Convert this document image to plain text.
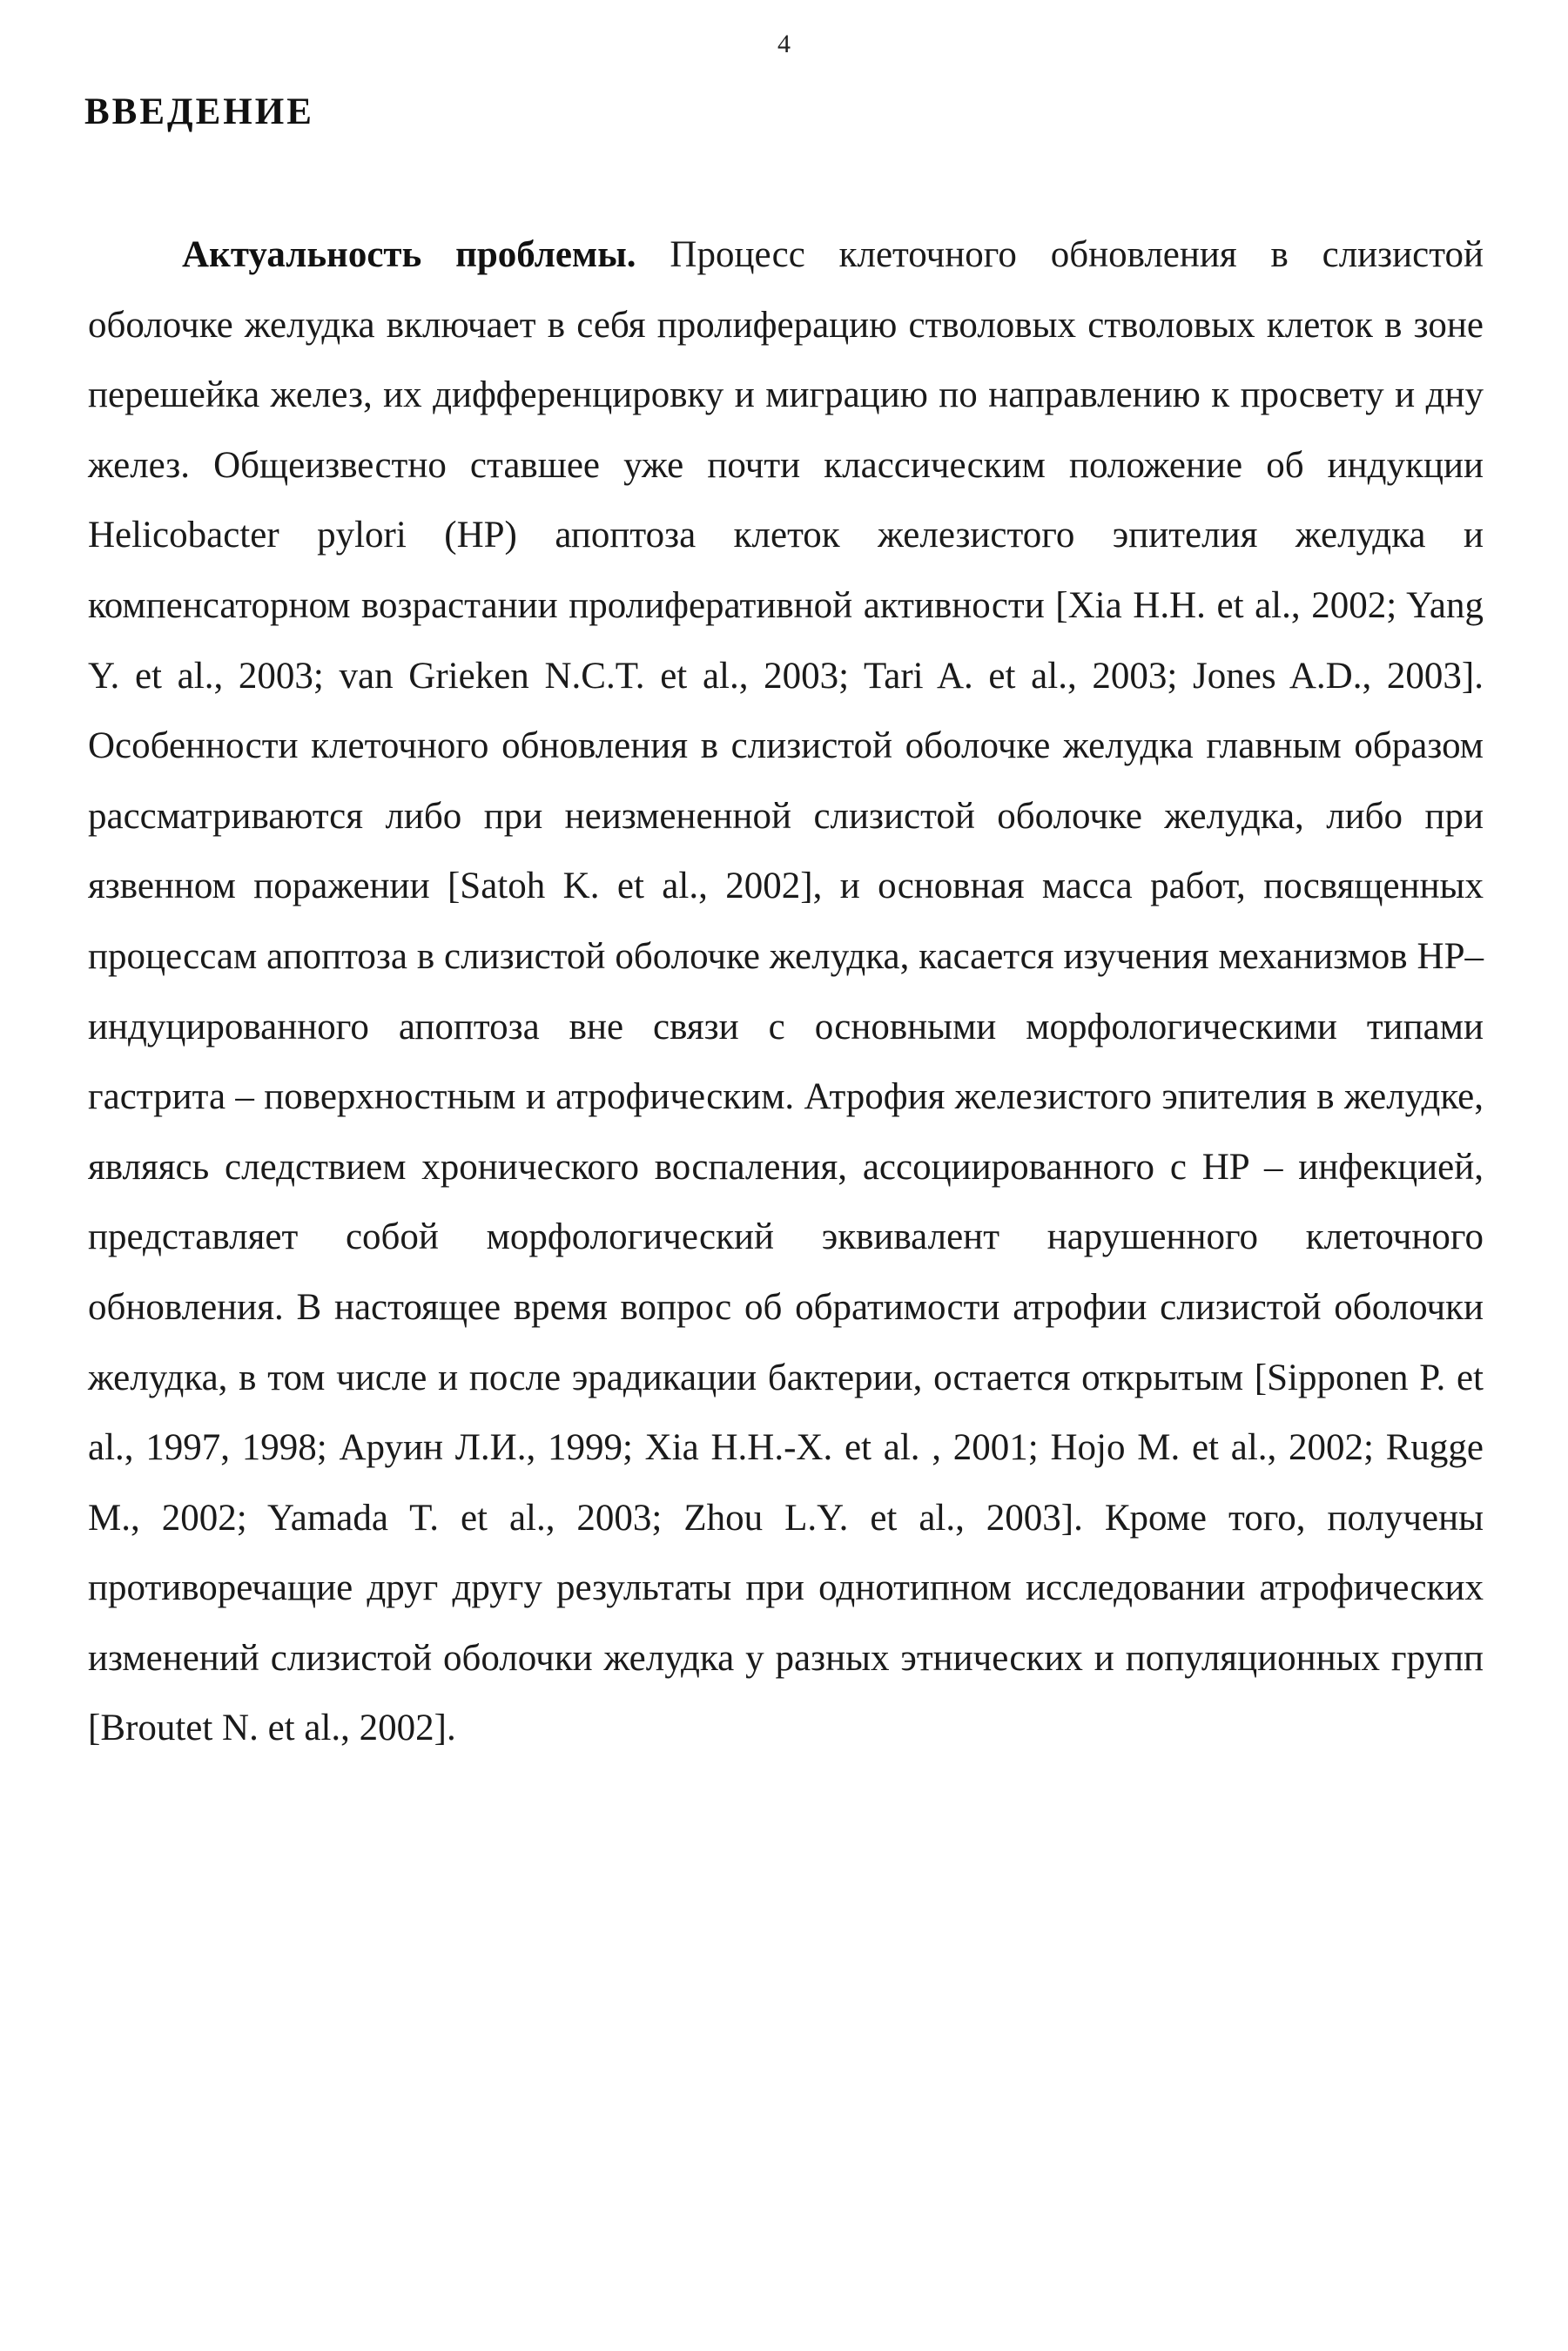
4
ВВЕДЕНИЕ

Актуальность проблемы. Процесс клеточного обновления в слизистой оболочке желудка включает в себя пролиферацию стволовых стволовых клеток в зоне перешейка желез, их дифференцировку и миграцию по направлению к просвету и дну желез. Общеизвестно ставшее уже почти классическим положение об индукции Helicobacter pylori (HP) апоптоза клеток железистого эпителия желудка и компенсаторном возрастании пролиферативной активности [Xia H.H. et al., 2002; Yang Y. et al., 2003; van Grieken N.C.T. et al., 2003; Tari A. et al., 2003; Jones A.D., 2003]. Особенности клеточного обновления в слизистой оболочке желудка главным образом рассматриваются либо при неизмененной слизистой оболочке желудка, либо при язвенном поражении [Satoh K. et al., 2002], и основная масса работ, посвященных процессам апоптоза в слизистой оболочке желудка, касается изучения механизмов HP–индуцированного апоптоза вне связи с основными морфологическими типами гастрита – поверхностным и атрофическим. Атрофия железистого эпителия в желудке, являясь следствием хронического воспаления, ассоциированного с HP – инфекцией, представляет собой морфологический эквивалент нарушенного клеточного обновления. В настоящее время вопрос об обратимости атрофии слизистой оболочки желудка, в том числе и после эрадикации бактерии, остается открытым [Sipponen P. et al., 1997, 1998; Аруин Л.И., 1999; Xia H.H.-X. et al. , 2001; Hojo M. et al., 2002; Rugge M., 2002; Yamada T. et al., 2003; Zhou L.Y. et al., 2003]. Кроме того, получены противоречащие друг другу результаты при однотипном исследовании атрофических изменений слизистой оболочки желудка у разных этнических и популяционных групп [Broutet N. et al., 2002].
